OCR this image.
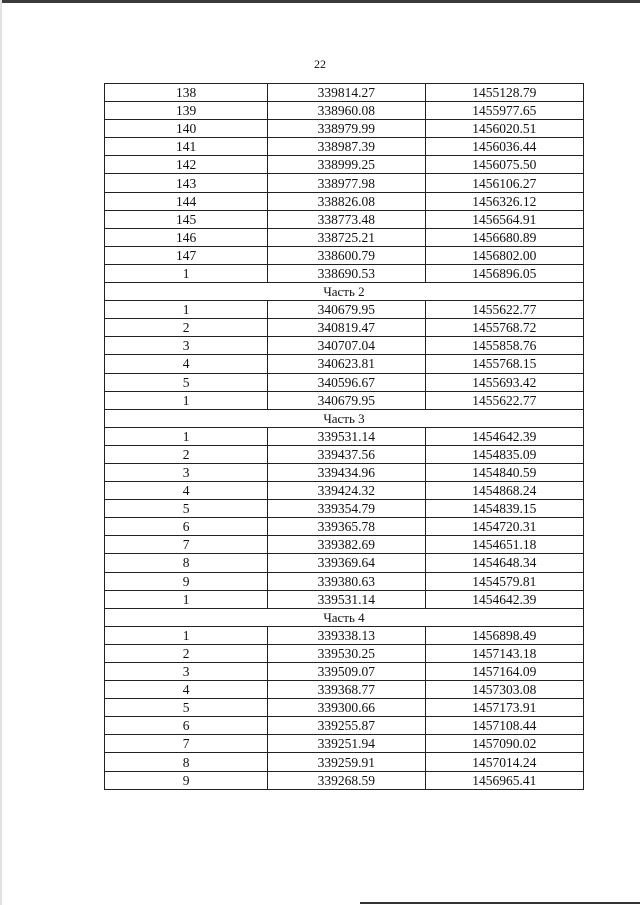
22
138	339814.27	1455128.79
139	338960.08	1455977.65
140	338979.99	1456020.51
141	338987.39	1456036.44
142	338999.25	1456075.50
143	338977.98	1456106.27
144	338826.08	1456326.12
145	338773.48	1456564.91
146	338725.21	1456680.89
147	338600.79	1456802.00
1	338690.53	1456896.05
Часть 2		
1	340679.95	1455622.77
2	340819.47	1455768.72
3	340707.04	1455858.76
4	340623.81	1455768.15
5	340596.67	1455693.42
1	340679.95	1455622.77
Часть 3		
1	339531.14	1454642.39
2	339437.56	1454835.09
3	339434.96	1454840.59
4	339424.32	1454868.24
5	339354.79	1454839.15
6	339365.78	1454720.31
7	339382.69	1454651.18
8	339369.64	1454648.34
9	339380.63	1454579.81
1	339531.14	1454642.39
Часть 4		
1	339338.13	1456898.49
2	339530.25	1457143.18
3	339509.07	1457164.09
4	339368.77	1457303.08
5	339300.66	1457173.91
6	339255.87	1457108.44
7	339251.94	1457090.02
8	339259.91	1457014.24
9	339268.59	1456965.41
